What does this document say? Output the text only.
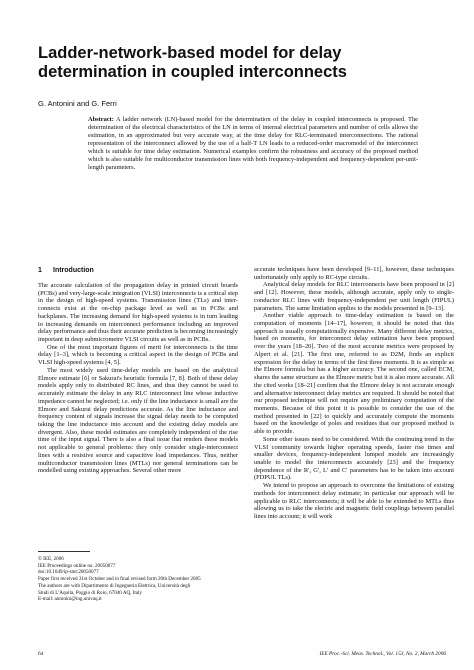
Ladder-network-based model for delay determination in coupled interconnects
G. Antonini and G. Ferri

Abstract: A ladder network (LN)-based model for the determination of the delay in coupled interconnects is proposed. The determination of the electrical characteristics of the LN in terms of internal electrical parameters and number of cells allows the estimation, in an approximated but very accurate way, at the time delay for RLC-terminated interconnections. The rational representation of the interconnect allowed by the use of a half-T LN leads to a reduced-order macromodel of the interconnect which is suitable for time delay estimation. Numerical examples confirm the robustness and accuracy of the proposed method which is also suitable for multiconductor transmission lines with both frequency-independent and frequency-dependent per-unit-length parameters.

1 Introduction

The accurate calculation of the propagation delay in printed circuit boards (PCBs) and very-large-scale integration (VLSI) interconnects is a critical step in the design of high-speed systems. Transmission lines (TLs) and inter-connects exist at the on-chip package level as well as in PCBs and backplanes. The increasing demand for high-speed systems is in turn leading to increasing demands on interconnect performance including an improved delay performance and thus their accurate prediction is becoming increasingly important in deep submicrometre VLSI circuits as well as in PCBs.

One of the most important figures of merit for interconnects is the time delay [1–3], which is becoming a critical aspect in the design of PCBs and VLSI high-speed systems [4, 5].

The most widely used time-delay models are based on the analytical Elmore estimate [6] or Sakurai's heuristic formula [7, 8]. Both of these delay models apply only to distributed RC lines, and thus they cannot be used to accurately estimate the delay in any RLC interconnect line whose inductive impedance cannot be neglected; i.e. only if the line inductance is small are the Elmore and Sakurai delay predictions accurate. As the line inductance and frequency content of signals increase the signal delay needs to be computed taking the line inductance into account and the existing delay models are divergent. Also, these model estimates are completely independent of the rise time of the input signal. There is also a final issue that renders these models not applicable to general problems: they only consider single-interconnect lines with a resistive source and capacitive load impedances. Thus, neither multiconductor transmission lines (MTLs) nor general terminations can be modelled using existing approaches. Several other more

accurate techniques have been developed [9–11], however, these techniques unfortunately only apply to RC-type circuits.

Analytical delay models for RLC interconnects have been proposed in [2] and [12]. However, these models, although accurate, apply only to single-conductor RLC lines with frequency-independent per unit length (FIPUL) parameters. The same limitation applies to the models presented in [9–13].

Another viable approach to time-delay estimation is based on the computation of moments [14–17], however, it should be noted that this approach is usually computationally expensive. Many different delay metrics, based on moments, for interconnect delay estimation have been proposed over the years [18–20]. Two of the most accurate metrics were proposed by Alpert et al. [21]. The first one, referred to as D2M, finds an explicit expression for the delay in terms of the first three moments. It is as simple as the Elmore formula but has a higher accuracy. The second one, called ECM, shares the same structure as the Elmore metric but it is also more accurate. All the cited works [18–21] confirm that the Elmore delay is not accurate enough and alternative interconnect delay metrics are required. It should be noted that our proposed technique will not require any preliminary computation of the moments. Because of this point it is possible to consider the use of the method presented in [22] to quickly and accurately compute the moments based on the knowledge of poles and residues that our proposed method is able to provide.

Some other issues need to be considered. With the continuing trend in the VLSI community towards higher operating speeds, faster rise times and smaller devices, frequency-independent lumped models are increasingly unable to model the interconnects accurately [23] and the frequency dependence of the R′, G′, L′ and C′ parameters has to be taken into account (FDPUL TLs).

We intend to propose an approach to overcome the limitations of existing methods for interconnect delay estimate; in particular our approach will be applicable to RLC interconnects; it will be able to be extended to MTLs thus allowing us to take the electric and magnetic field couplings between parallel lines into account; it will work

© IEE, 2006
IEE Proceedings online no. 20050077
doi:10.1049/ip-smt:20050077
Paper first received 31st October and in final revised form 20th December 2005
The authors are with Dipartimento di Ingegneria Elettrica, Università degli
Studi di L'Aquila, Poggio di Roio, 67040 AQ, Italy
E-mail: antonini@ing.univaq.it
64	IEE Proc.-Sci. Meas. Technol., Vol. 153, No. 2, March 2006
